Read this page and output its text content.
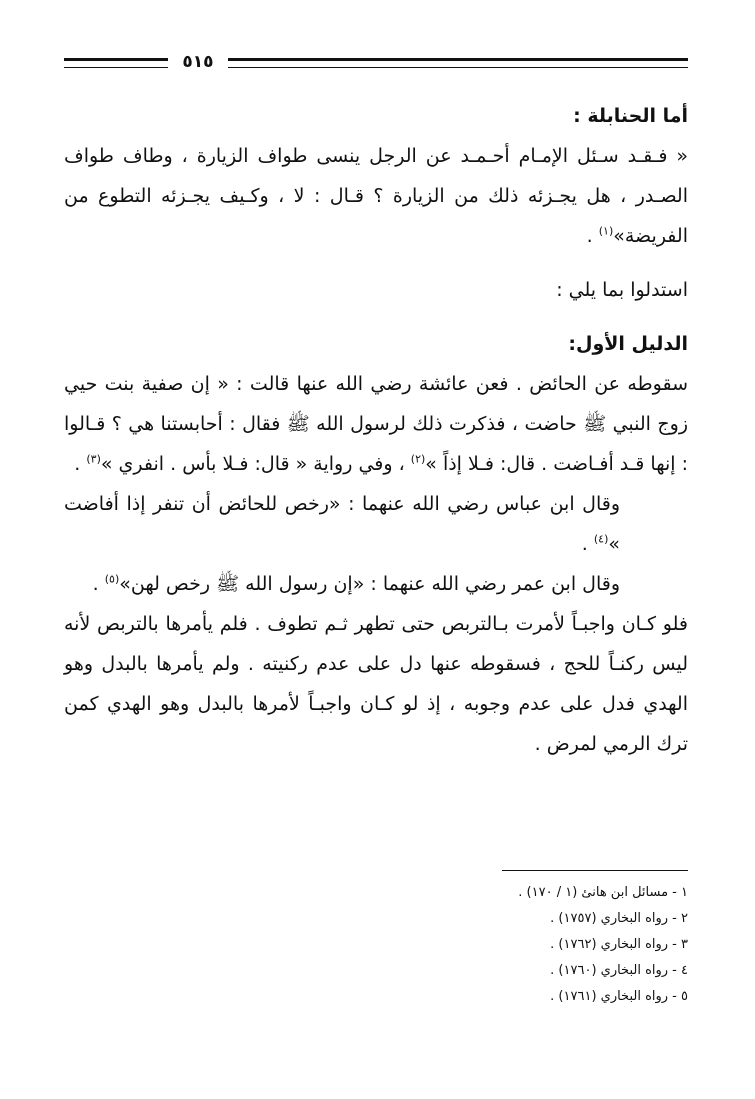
٥١٥

أما الحنابلة :

« فـقـد سـئل الإمـام أحـمـد عن الرجل ينسى طواف الزيارة ، وطاف طواف الصـدر ، هل يجـزئه ذلك من الزيارة ؟ قـال : لا ، وكـيف يجـزئه التطوع من الفريضة»$^{(١)}$ .

استدلوا بما يلي :

الدليل الأول:

سقوطه عن الحائض . فعن عائشة رضي الله عنها قالت : « إن صفية بنت حيي زوج النبي ﷺ حاضت ، فذكرت ذلك لرسول الله ﷺ فقال : أحابستنا هي ؟ قـالوا : إنها قـد أفـاضت . قال: فـلا إذاً »$^{(٢)}$ ، وفي رواية « قال: فـلا بأس . انفري »$^{(٣)}$ .

وقال ابن عباس رضي الله عنهما : «رخص للحائض أن تنفر إذا أفاضت »$^{(٤)}$ .

وقال ابن عمر رضي الله عنهما : «إن رسول الله ﷺ رخص لهن»$^{(٥)}$ .

فلو كـان واجبـاً لأمرت بـالتربص حتى تطهر ثـم تطوف . فلم يأمرها بالتربص لأنه ليس ركنـاً للحج ، فسقوطه عنها دل على عدم ركنيته . ولم يأمرها بالبدل وهو الهدي فدل على عدم وجوبه ، إذ لو كـان واجبـاً لأمرها بالبدل وهو الهدي كمن ترك الرمي لمرض .

١ - مسائل ابن هانئ (١ / ١٧٠) .

٢ - رواه البخاري (١٧٥٧) .

٣ - رواه البخاري (١٧٦٢) .

٤ - رواه البخاري (١٧٦٠) .

٥ - رواه البخاري (١٧٦١) .
